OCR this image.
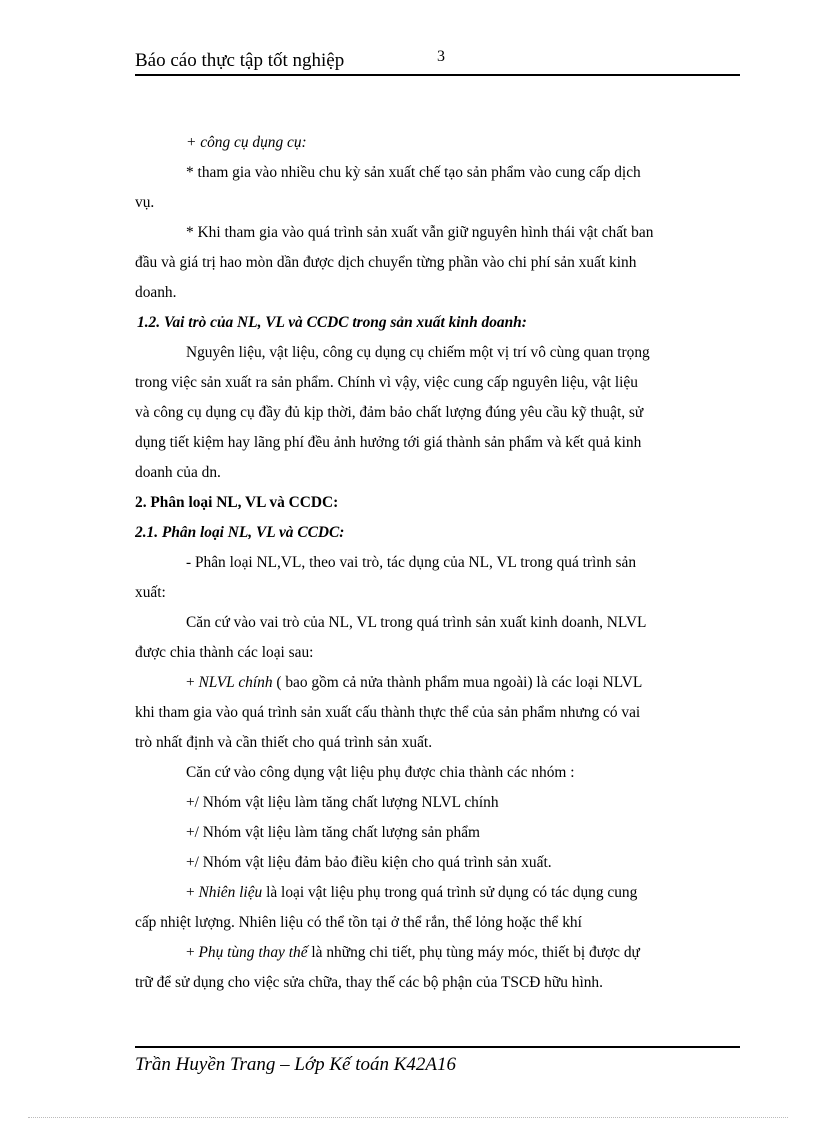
Báo cáo thực tập tốt nghiệp	3
+ công cụ dụng cụ:
* tham gia vào nhiều chu kỳ sản xuất chế tạo sản phẩm vào cung cấp dịch
vụ.
* Khi tham gia vào quá trình sản xuất vẫn giữ nguyên hình thái vật chất ban
đầu và giá trị hao mòn dần được dịch chuyển từng phần vào chi phí sản xuất kinh
doanh.
1.2. Vai trò của NL, VL và CCDC trong sản xuất kinh doanh:
Nguyên liệu, vật liệu, công cụ dụng cụ chiếm một vị trí vô cùng quan trọng
trong việc sản xuất ra sản phẩm. Chính vì vậy, việc cung cấp nguyên liệu, vật liệu
và công cụ dụng cụ đầy đủ kịp thời, đảm bảo chất lượng đúng yêu cầu kỹ thuật, sử
dụng tiết kiệm hay lãng phí đều ảnh hưởng tới giá thành sản phẩm và kết quả kinh
doanh của dn.
2. Phân loại NL, VL và CCDC:
2.1. Phân loại NL, VL và CCDC:
- Phân loại NL,VL, theo vai trò, tác dụng của NL, VL trong quá trình sản
xuất:
Căn cứ vào vai trò của NL, VL trong quá trình sản xuất kinh doanh, NLVL
được chia thành các loại sau:
+ NLVL chính ( bao gồm cả nửa thành phẩm mua ngoài) là các loại NLVL
khi tham gia vào quá trình sản xuất cấu thành thực thể của sản phẩm nhưng có vai
trò nhất định và cần thiết cho quá trình sản xuất.
Căn cứ vào công dụng vật liệu phụ được chia thành các nhóm :
+/ Nhóm vật liệu làm tăng chất lượng NLVL chính
+/ Nhóm vật liệu làm tăng chất lượng sản phẩm
+/ Nhóm vật liệu đảm bảo điều kiện cho quá trình sản xuất.
+ Nhiên liệu là loại vật liệu phụ trong quá trình sử dụng có tác dụng cung
cấp nhiệt lượng. Nhiên liệu có thể tồn tại ở thể rắn, thể lỏng hoặc thể khí
+ Phụ tùng thay thế là những chi tiết, phụ tùng máy móc, thiết bị được dự
trữ để sử dụng cho việc sửa chữa, thay thế các bộ phận của TSCĐ hữu hình.
Trần Huyền Trang – Lớp Kế toán K42A16
